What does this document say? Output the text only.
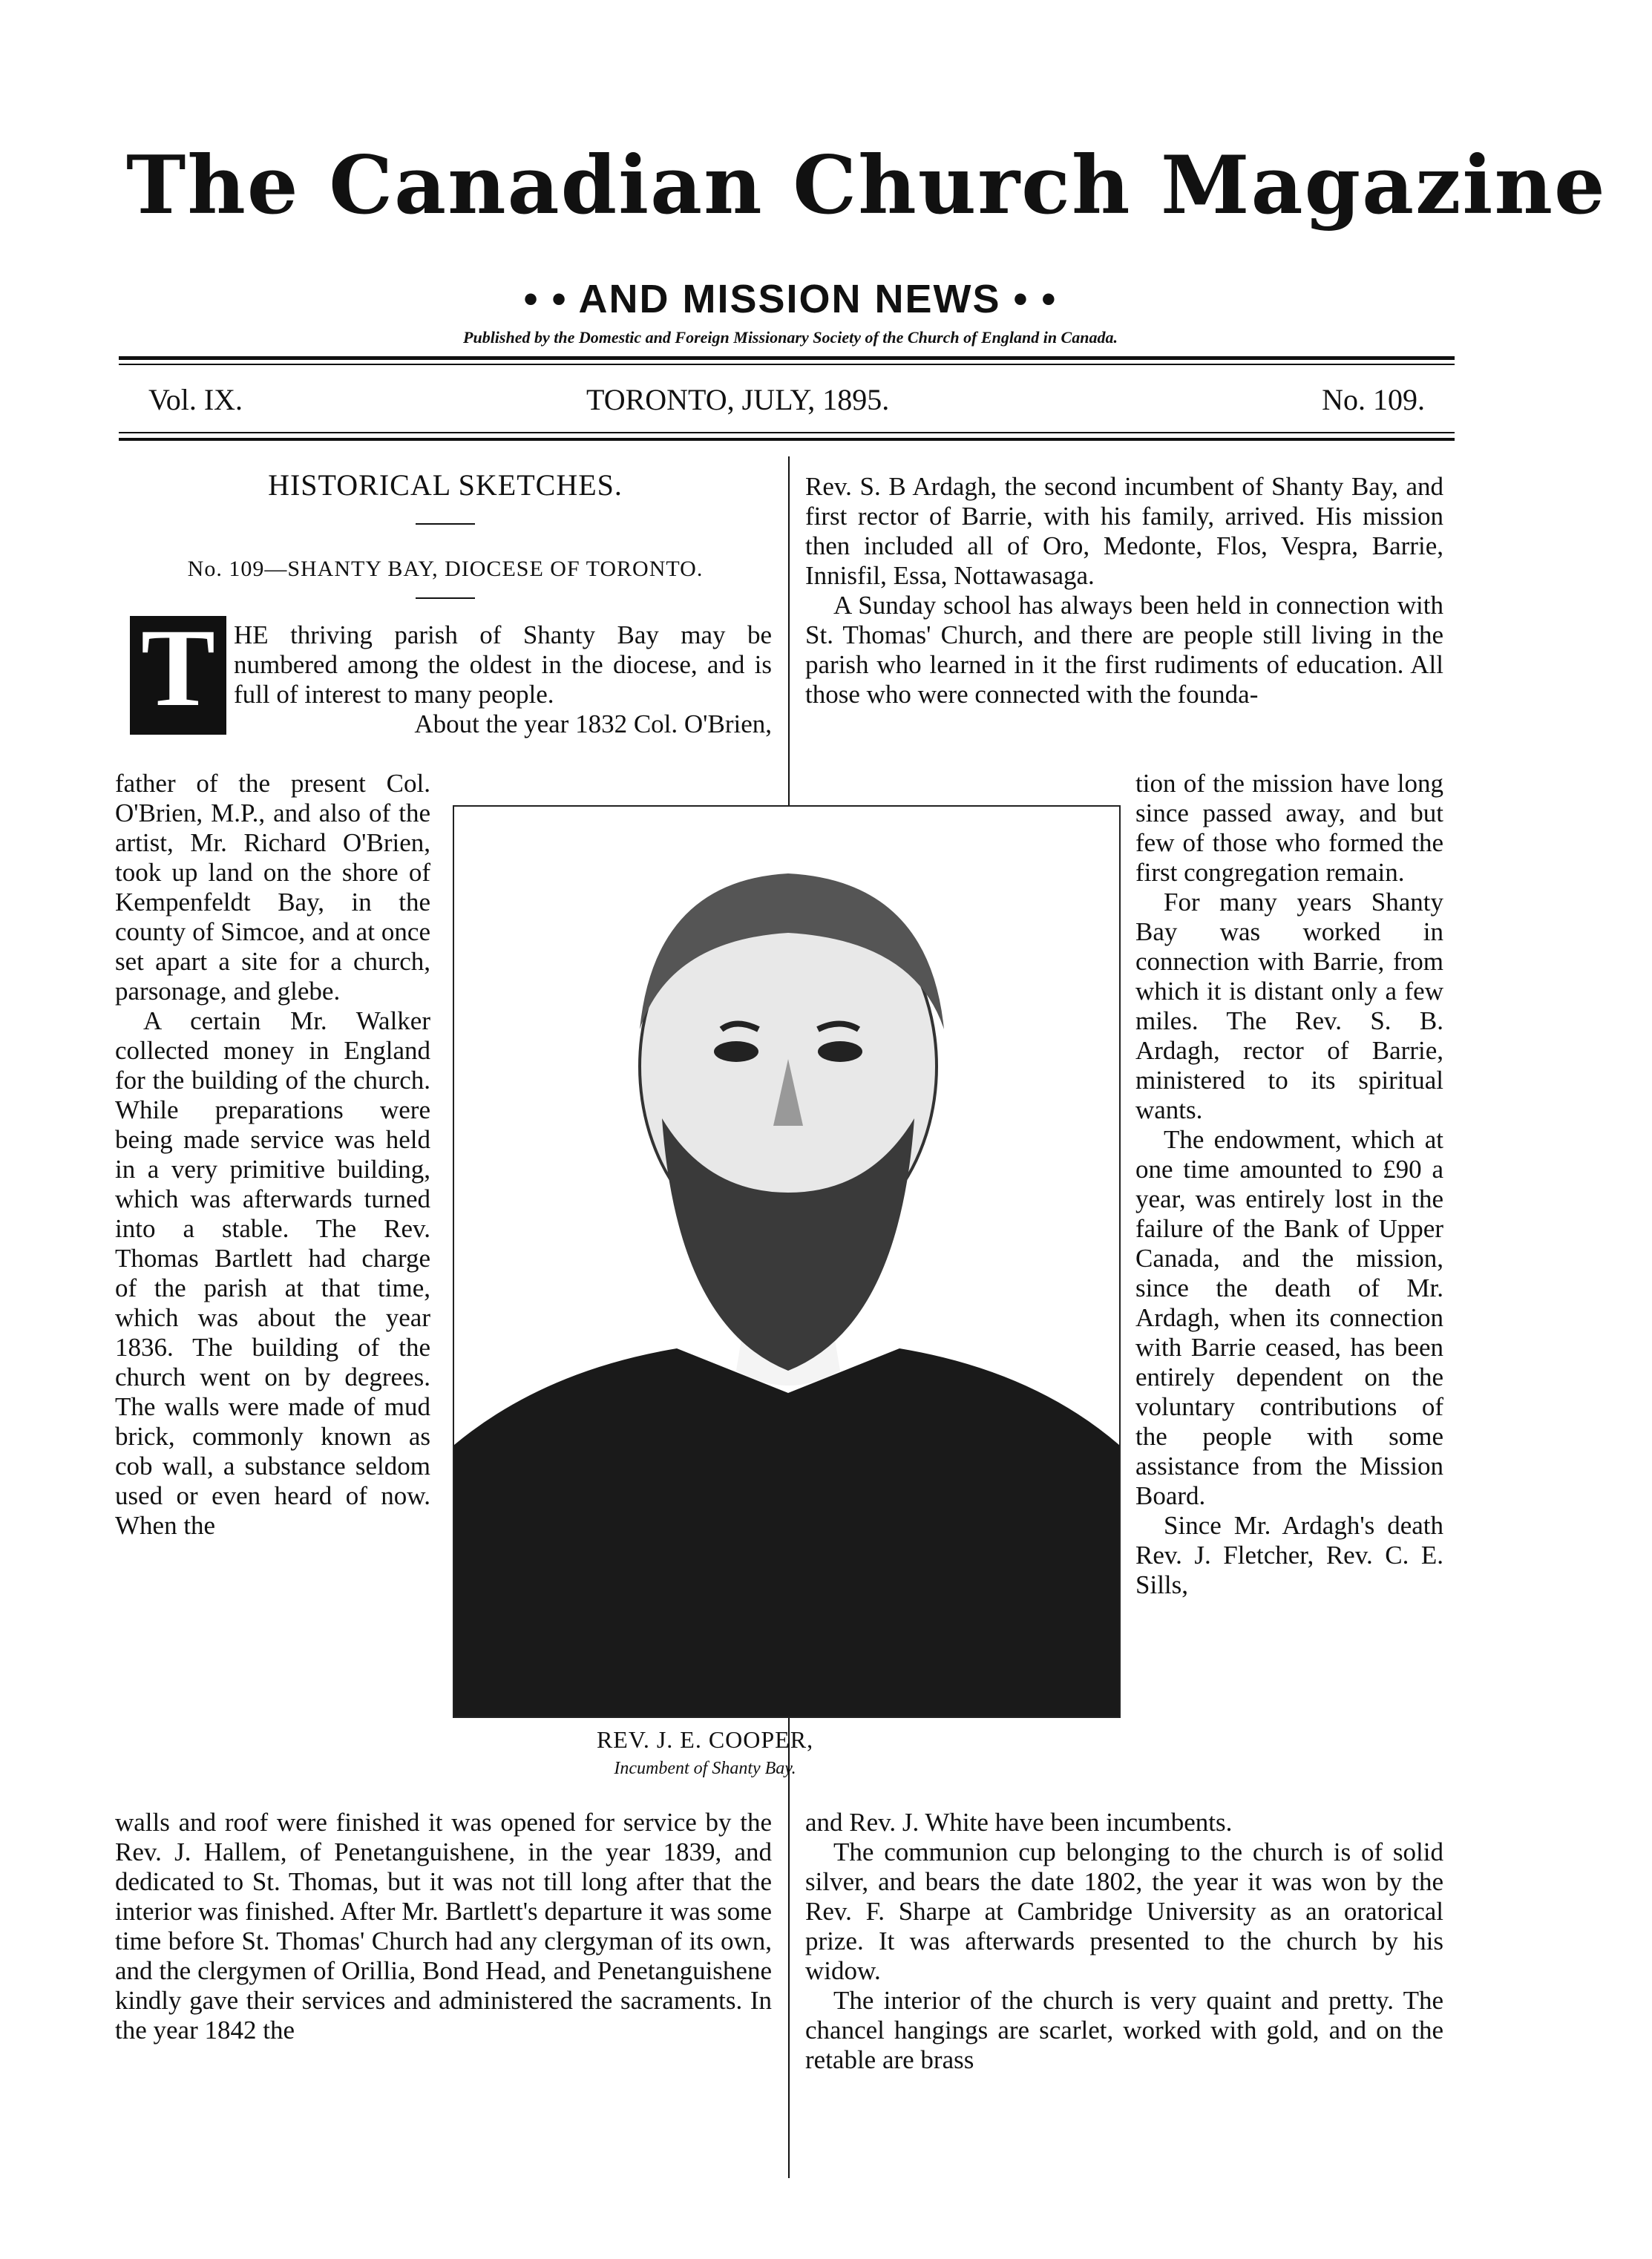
The Canadian Church Magazine
• • AND MISSION NEWS • •
Published by the Domestic and Foreign Missionary Society of the Church of England in Canada.
Vol. IX.	TORONTO, JULY, 1895.	No. 109.
HISTORICAL SKETCHES.
No. 109—SHANTY BAY, DIOCESE OF TORONTO.
T HE thriving parish of Shanty Bay may be numbered among the oldest in the diocese, and is full of interest to many people.

About the year 1832 Col. O'Brien,

father of the present Col. O'Brien, M.P., and also of the artist, Mr. Richard O'Brien, took up land on the shore of Kempenfeldt Bay, in the county of Simcoe, and at once set apart a site for a church, parsonage, and glebe.

A certain Mr. Walker collected money in England for the building of the church. While preparations were being made service was held in a very primitive building, which was afterwards turned into a stable. The Rev. Thomas Bartlett had charge of the parish at that time, which was about the year 1836. The building of the church went on by degrees. The walls were made of mud brick, commonly known as cob wall, a substance seldom used or even heard of now. When the

walls and roof were finished it was opened for service by the Rev. J. Hallem, of Penetanguishene, in the year 1839, and dedicated to St. Thomas, but it was not till long after that the interior was finished. After Mr. Bartlett's departure it was some time before St. Thomas' Church had any clergyman of its own, and the clergymen of Orillia, Bond Head, and Penetanguishene kindly gave their services and administered the sacraments. In the year 1842 the

Rev. S. B Ardagh, the second incumbent of Shanty Bay, and first rector of Barrie, with his family, arrived. His mission then included all of Oro, Medonte, Flos, Vespra, Barrie, Innisfil, Essa, Nottawasaga.

A Sunday school has always been held in connection with St. Thomas' Church, and there are people still living in the parish who learned in it the first rudiments of education. All those who were connected with the founda-

tion of the mission have long since passed away, and but few of those who formed the first congregation remain.

For many years Shanty Bay was worked in connection with Barrie, from which it is distant only a few miles. The Rev. S. B. Ardagh, rector of Barrie, ministered to its spiritual wants.

The endowment, which at one time amounted to £90 a year, was entirely lost in the failure of the Bank of Upper Canada, and the mission, since the death of Mr. Ardagh, when its connection with Barrie ceased, has been entirely dependent on the voluntary contributions of the people with some assistance from the Mission Board.

Since Mr. Ardagh's death Rev. J. Fletcher, Rev. C. E. Sills,

and Rev. J. White have been incumbents.

The communion cup belonging to the church is of solid silver, and bears the date 1802, the year it was won by the Rev. F. Sharpe at Cambridge University as an oratorical prize. It was afterwards presented to the church by his widow.

The interior of the church is very quaint and pretty. The chancel hangings are scarlet, worked with gold, and on the retable are brass

REV. J. E. COOPER,
Incumbent of Shanty Bay.
